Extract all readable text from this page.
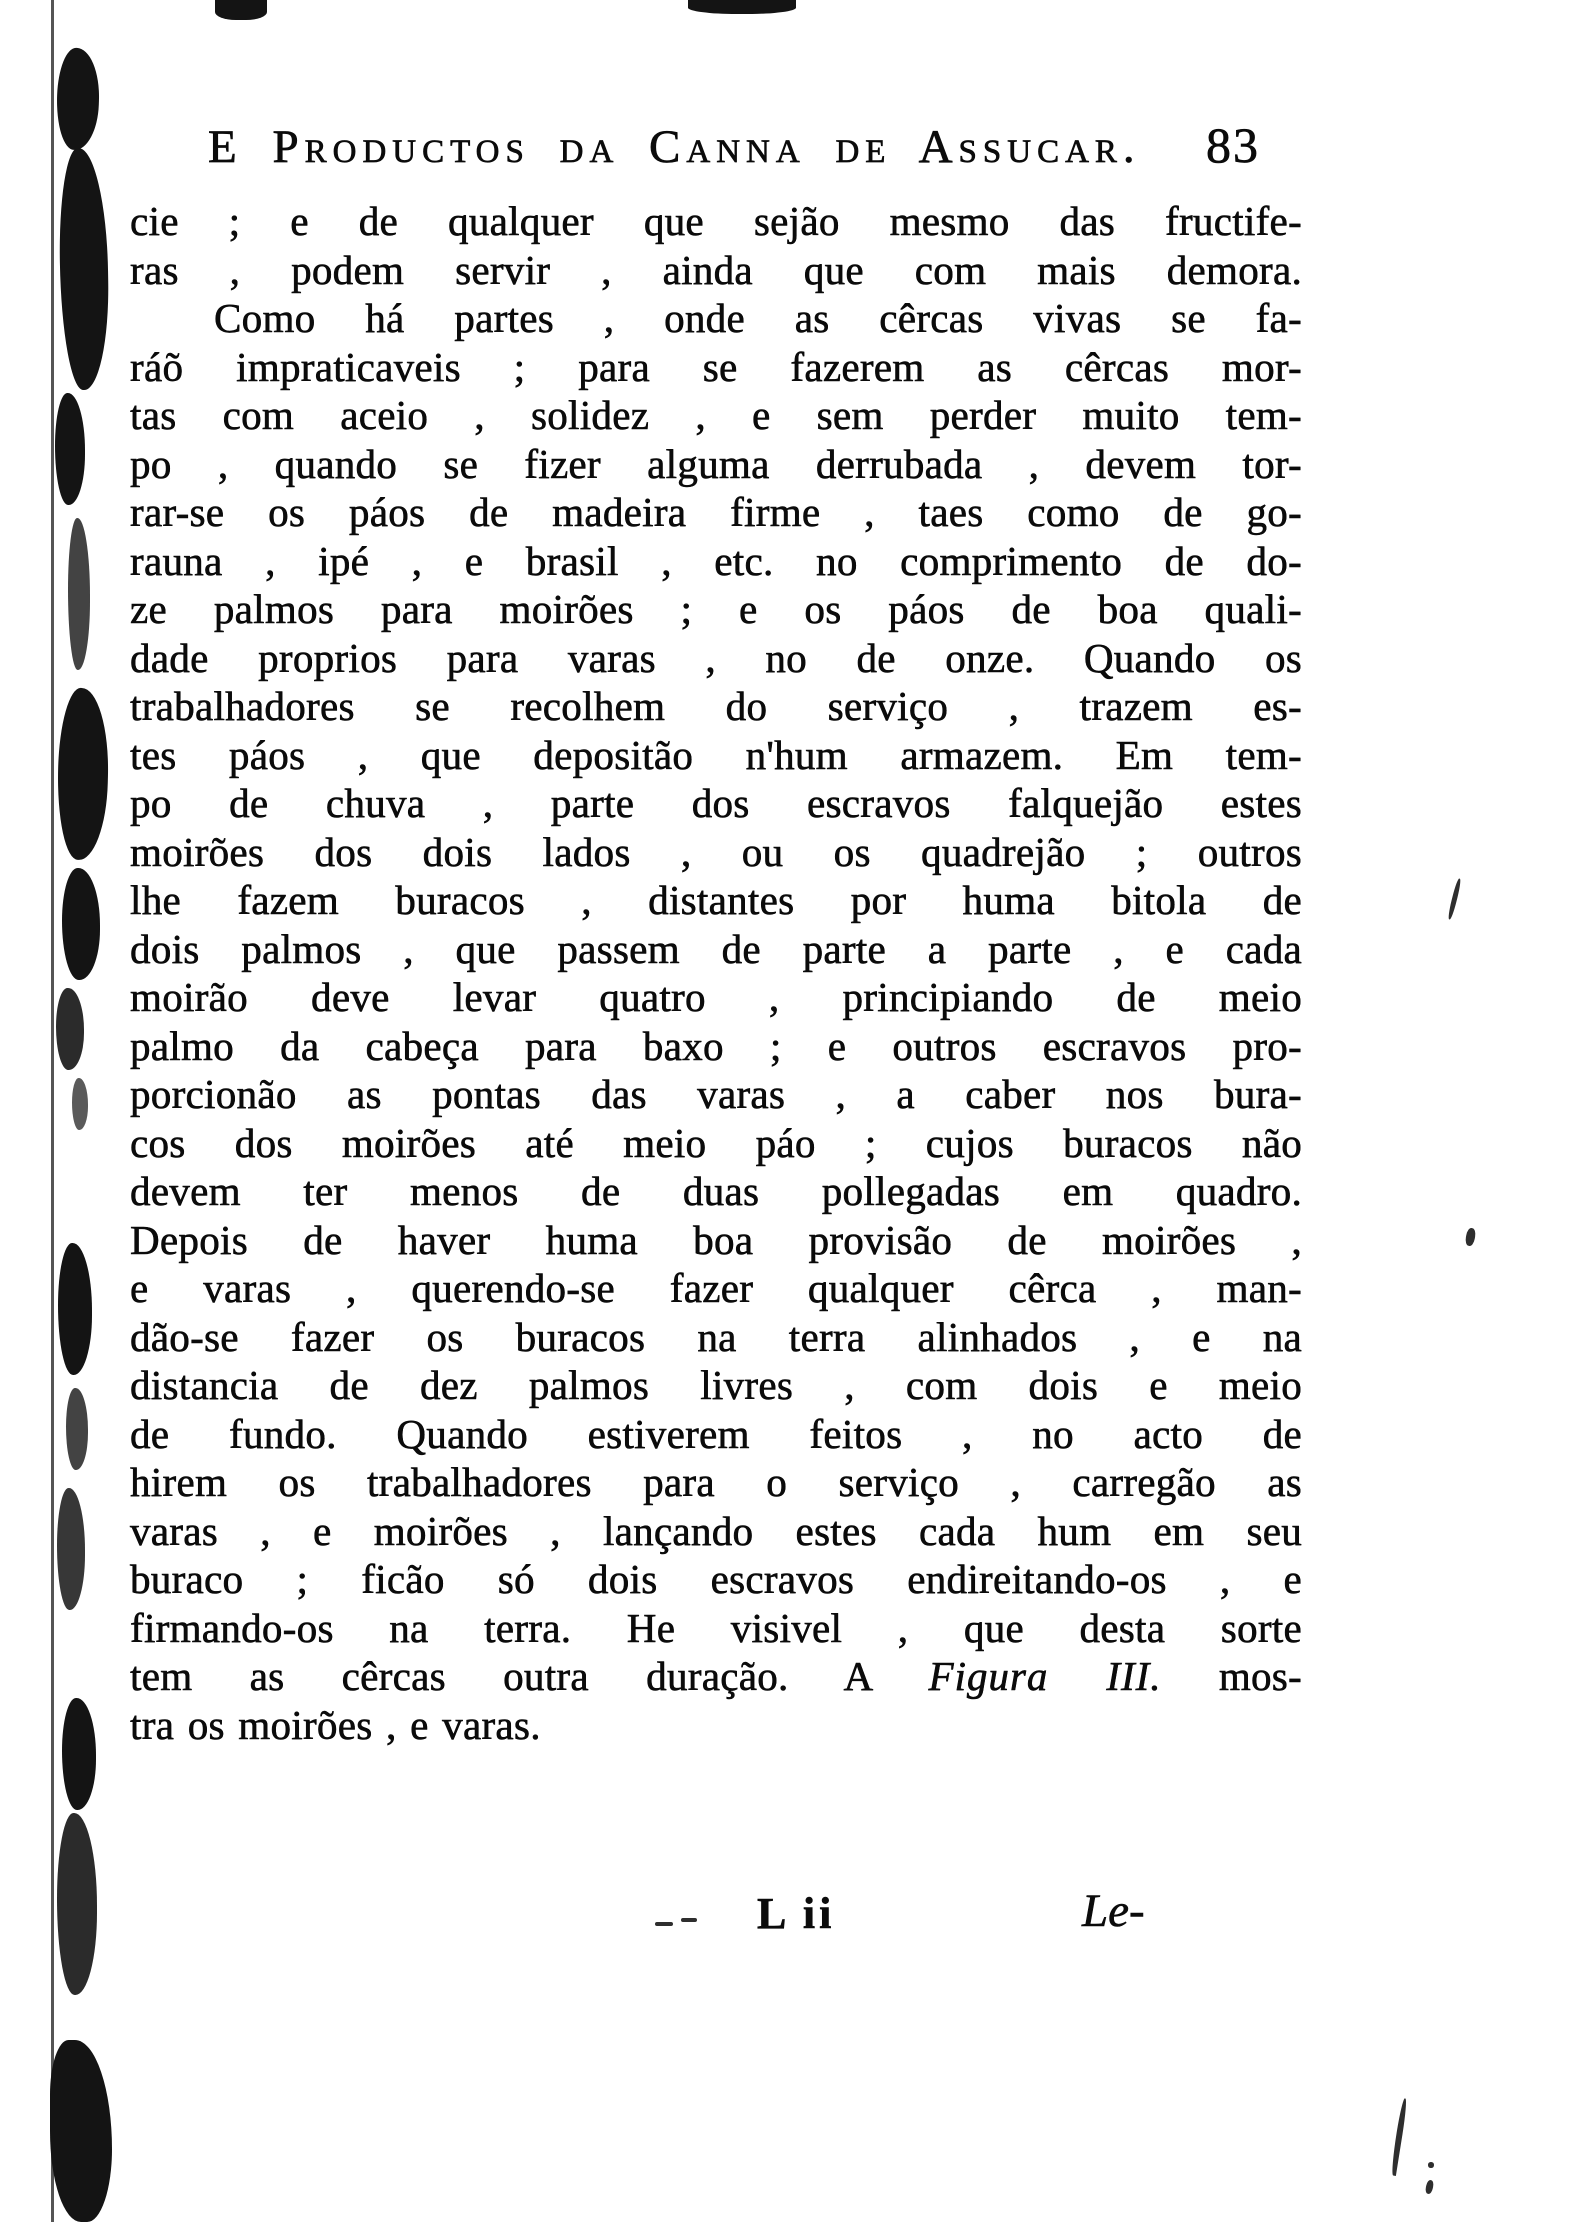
E Productos da Canna de Assucar. 83
cie ; e de qualquer que sejão mesmo das fructife-
ras , podem servir , ainda que com mais demora.
Como há partes , onde as cêrcas vivas se fa-
ráõ impraticaveis ; para se fazerem as cêrcas mor-
tas com aceio , solidez , e sem perder muito tem-
po , quando se fizer alguma derrubada , devem tor-
rar-se os páos de madeira firme , taes como de go-
rauna , ipé , e brasil , etc. no comprimento de do-
ze palmos para moirões ; e os páos de boa quali-
dade proprios para varas , no de onze. Quando os
trabalhadores se recolhem do serviço , trazem es-
tes páos , que depositão n'hum armazem. Em tem-
po de chuva , parte dos escravos falquejão estes
moirões dos dois lados , ou os quadrejão ; outros
lhe fazem buracos , distantes por huma bitola de
dois palmos , que passem de parte a parte , e cada
moirão deve levar quatro , principiando de meio
palmo da cabeça para baxo ; e outros escravos pro-
porcionão as pontas das varas , a caber nos bura-
cos dos moirões até meio páo ; cujos buracos não
devem ter menos de duas pollegadas em quadro.
Depois de haver huma boa provisão de moirões ,
e varas , querendo-se fazer qualquer cêrca , man-
dão-se fazer os buracos na terra alinhados , e na
distancia de dez palmos livres , com dois e meio
de fundo. Quando estiverem feitos , no acto de
hirem os trabalhadores para o serviço , carregão as
varas , e moirões , lançando estes cada hum em seu
buraco ; ficão só dois escravos endireitando-os , e
firmando-os na terra. He visivel , que desta sorte
tem as cêrcas outra duração. A Figura III. mos-
tra os moirões , e varas.
L ii	Le-
